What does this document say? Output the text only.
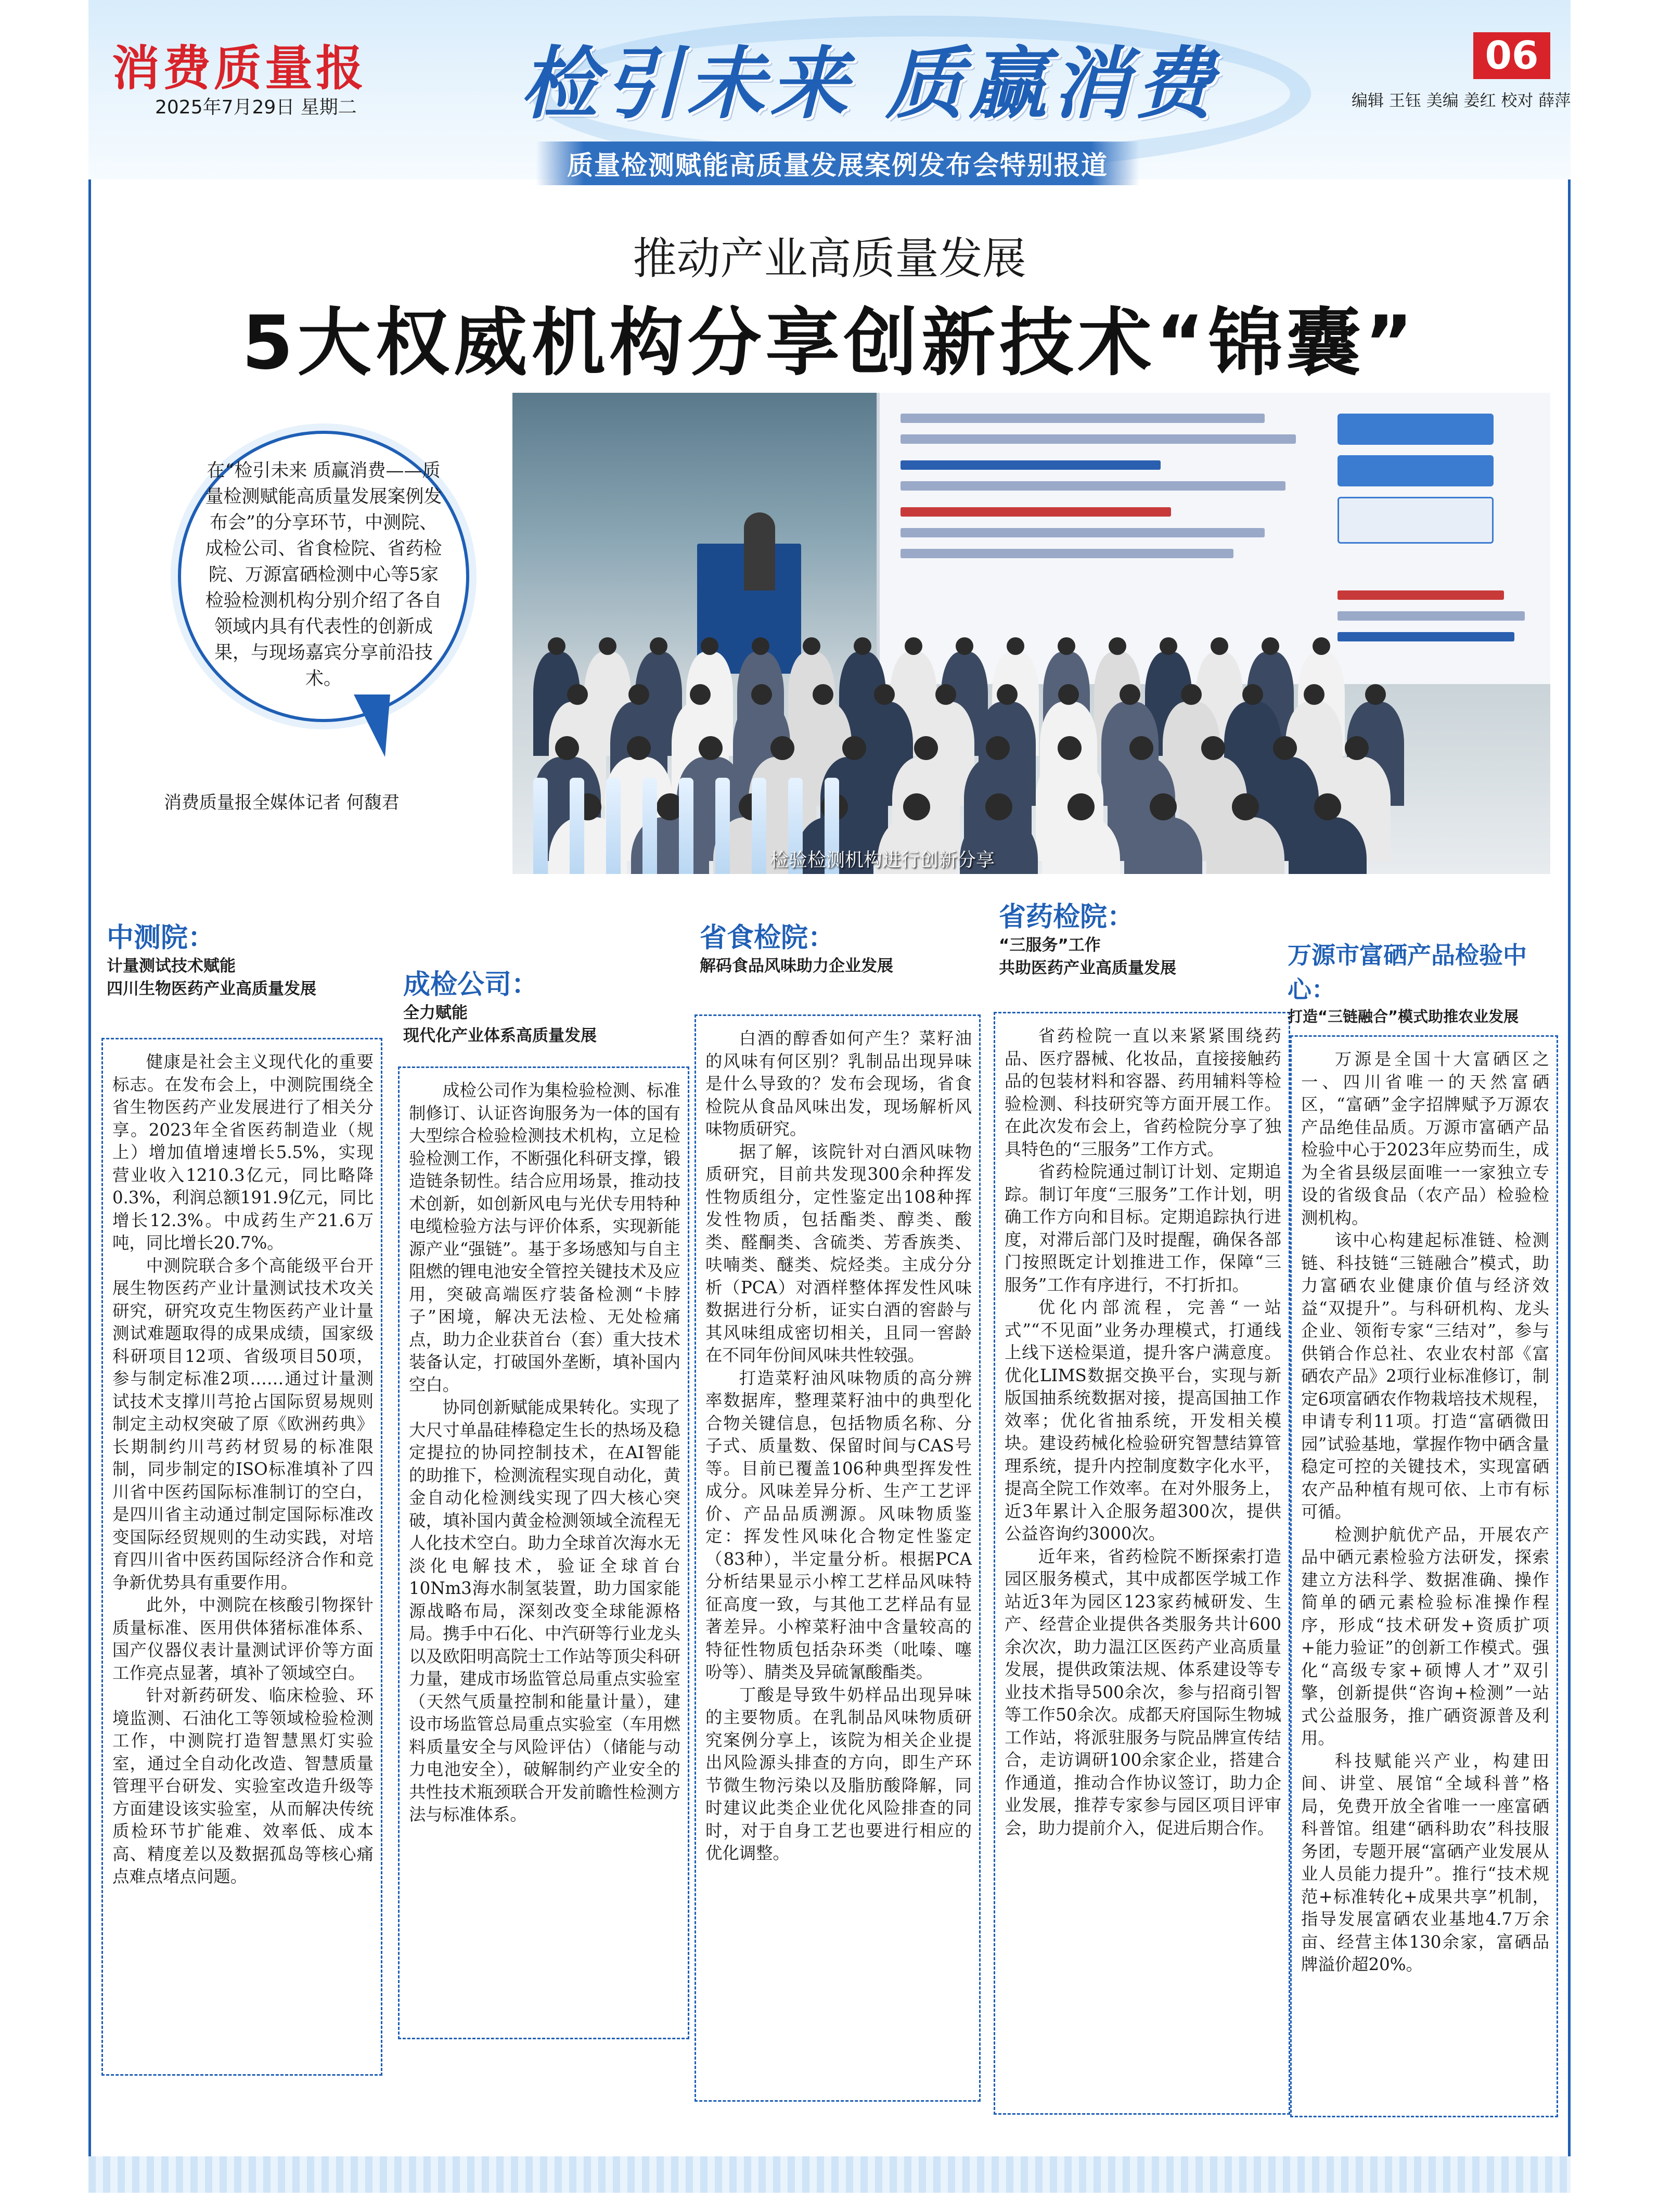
消费质量报
2025年7月29日 星期二 检引未来 质赢消费
质量检测赋能高质量发展案例发布会特别报道
06
编辑 王钰 美编 姜红 校对 薛萍
推动产业高质量发展
5大权威机构分享创新技术“锦囊”
检验检测机构进行创新分享
在“检引未来 质赢消费——质量检测赋能高质量发展案例发布会”的分享环节，中测院、成检公司、省食检院、省药检院、万源富硒检测中心等5家检验检测机构分别介绍了各自领域内具有代表性的创新成果，与现场嘉宾分享前沿技术。
消费质量报全媒体记者 何馥君
中测院：
计量测试技术赋能
四川生物医药产业高质量发展

健康是社会主义现代化的重要标志。在发布会上，中测院围绕全省生物医药产业发展进行了相关分享。2023年全省医药制造业（规上）增加值增速增长5.5%，实现营业收入1210.3亿元，同比略降0.3%，利润总额191.9亿元，同比增长12.3%。中成药生产21.6万吨，同比增长20.7%。

中测院联合多个高能级平台开展生物医药产业计量测试技术攻关研究，研究攻克生物医药产业计量测试难题取得的成果成绩，国家级科研项目12项、省级项目50项，参与制定标准2项……通过计量测试技术支撑川芎抢占国际贸易规则制定主动权突破了原《欧洲药典》长期制约川芎药材贸易的标准限制，同步制定的ISO标准填补了四川省中医药国际标准制订的空白，是四川省主动通过制定国际标准改变国际经贸规则的生动实践，对培育四川省中医药国际经济合作和竞争新优势具有重要作用。

此外，中测院在核酸引物探针质量标准、医用供体猪标准体系、国产仪器仪表计量测试评价等方面工作亮点显著，填补了领域空白。

针对新药研发、临床检验、环境监测、石油化工等领域检验检测工作，中测院打造智慧黑灯实验室，通过全自动化改造、智慧质量管理平台研发、实验室改造升级等方面建设该实验室，从而解决传统质检环节扩能难、效率低、成本高、精度差以及数据孤岛等核心痛点难点堵点问题。

成检公司：
全力赋能
现代化产业体系高质量发展

成检公司作为集检验检测、标准制修订、认证咨询服务为一体的国有大型综合检验检测技术机构，立足检验检测工作，不断强化科研支撑，锻造链条韧性。结合应用场景，推动技术创新，如创新风电与光伏专用特种电缆检验方法与评价体系，实现新能源产业“强链”。基于多场感知与自主阻燃的锂电池安全管控关键技术及应用，突破高端医疗装备检测“卡脖子”困境，解决无法检、无处检痛点，助力企业获首台（套）重大技术装备认定，打破国外垄断，填补国内空白。

协同创新赋能成果转化。实现了大尺寸单晶硅棒稳定生长的热场及稳定提拉的协同控制技术，在AI智能的助推下，检测流程实现自动化，黄金自动化检测线实现了四大核心突破，填补国内黄金检测领域全流程无人化技术空白。助力全球首次海水无淡化电解技术，验证全球首台10Nm3海水制氢装置，助力国家能源战略布局，深刻改变全球能源格局。携手中石化、中汽研等行业龙头以及欧阳明高院士工作站等顶尖科研力量，建成市场监管总局重点实验室（天然气质量控制和能量计量），建设市场监管总局重点实验室（车用燃料质量安全与风险评估）（储能与动力电池安全），破解制约产业安全的共性技术瓶颈联合开发前瞻性检测方法与标准体系。

省食检院：
解码食品风味助力企业发展

白酒的醇香如何产生？菜籽油的风味有何区别？乳制品出现异味是什么导致的？发布会现场，省食检院从食品风味出发，现场解析风味物质研究。

据了解，该院针对白酒风味物质研究，目前共发现300余种挥发性物质组分，定性鉴定出108种挥发性物质，包括酯类、醇类、酸类、醛酮类、含硫类、芳香族类、呋喃类、醚类、烷烃类。主成分分析（PCA）对酒样整体挥发性风味数据进行分析，证实白酒的窖龄与其风味组成密切相关，且同一窖龄在不同年份间风味共性较强。

打造菜籽油风味物质的高分辨率数据库，整理菜籽油中的典型化合物关键信息，包括物质名称、分子式、质量数、保留时间与CAS号等。目前已覆盖106种典型挥发性成分。风味差异分析、生产工艺评价、产品品质溯源。风味物质鉴定：挥发性风味化合物定性鉴定（83种），半定量分析。根据PCA分析结果显示小榨工艺样品风味特征高度一致，与其他工艺样品有显著差异。小榨菜籽油中含量较高的特征性物质包括杂环类（吡嗪、噻吩等）、腈类及异硫氰酸酯类。

丁酸是导致牛奶样品出现异味的主要物质。在乳制品风味物质研究案例分享上，该院为相关企业提出风险源头排查的方向，即生产环节微生物污染以及脂肪酸降解，同时建议此类企业优化风险排查的同时，对于自身工艺也要进行相应的优化调整。

省药检院：
“三服务”工作
共助医药产业高质量发展

省药检院一直以来紧紧围绕药品、医疗器械、化妆品，直接接触药品的包装材料和容器、药用辅料等检验检测、科技研究等方面开展工作。在此次发布会上，省药检院分享了独具特色的“三服务”工作方式。

省药检院通过制订计划、定期追踪。制订年度“三服务”工作计划，明确工作方向和目标。定期追踪执行进度，对滞后部门及时提醒，确保各部门按照既定计划推进工作，保障“三服务”工作有序进行，不打折扣。

优化内部流程，完善“一站式”“不见面”业务办理模式，打通线上线下送检渠道，提升客户满意度。优化LIMS数据交换平台，实现与新版国抽系统数据对接，提高国抽工作效率；优化省抽系统，开发相关模块。建设药械化检验研究智慧结算管理系统，提升内控制度数字化水平，提高全院工作效率。在对外服务上，近3年累计入企服务超300次，提供公益咨询约3000次。

近年来，省药检院不断探索打造园区服务模式，其中成都医学城工作站近3年为园区123家药械研发、生产、经营企业提供各类服务共计600余次次，助力温江区医药产业高质量发展，提供政策法规、体系建设等专业技术指导500余次，参与招商引智等工作50余次。成都天府国际生物城工作站，将派驻服务与院品牌宣传结合，走访调研100余家企业，搭建合作通道，推动合作协议签订，助力企业发展，推荐专家参与园区项目评审会，助力提前介入，促进后期合作。

万源市富硒产品检验中心：
打造“三链融合”模式助推农业发展

万源是全国十大富硒区之一、四川省唯一的天然富硒区，“富硒”金字招牌赋予万源农产品绝佳品质。万源市富硒产品检验中心于2023年应势而生，成为全省县级层面唯一一家独立专设的省级食品（农产品）检验检测机构。

该中心构建起标准链、检测链、科技链“三链融合”模式，助力富硒农业健康价值与经济效益“双提升”。与科研机构、龙头企业、领衔专家“三结对”，参与供销合作总社、农业农村部《富硒农产品》2项行业标准修订，制定6项富硒农作物栽培技术规程，申请专利11项。打造“富硒微田园”试验基地，掌握作物中硒含量稳定可控的关键技术，实现富硒农产品种植有规可依、上市有标可循。

检测护航优产品，开展农产品中硒元素检验方法研发，探索建立方法科学、数据准确、操作简单的硒元素检验标准操作程序，形成“技术研发+资质扩项+能力验证”的创新工作模式。强化“高级专家+硕博人才”双引擎，创新提供“咨询+检测”一站式公益服务，推广硒资源普及利用。

科技赋能兴产业，构建田间、讲堂、展馆“全域科普”格局，免费开放全省唯一一座富硒科普馆。组建“硒科助农”科技服务团，专题开展“富硒产业发展从业人员能力提升”。推行“技术规范+标准转化+成果共享”机制，指导发展富硒农业基地4.7万余亩、经营主体130余家，富硒品牌溢价超20%。
